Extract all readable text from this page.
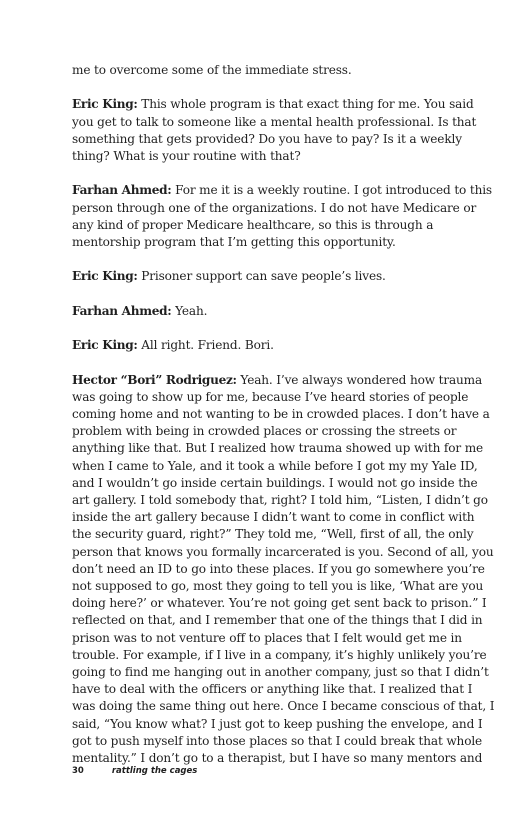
me to overcome some of the immediate stress.

Eric King: This whole program is that exact thing for me. You said you get to talk to someone like a mental health professional. Is that something that gets provided? Do you have to pay? Is it a weekly thing? What is your routine with that?

Farhan Ahmed: For me it is a weekly routine. I got introduced to this person through one of the organizations. I do not have Medicare or any kind of proper Medicare healthcare, so this is through a mentorship program that I’m getting this opportunity.

Eric King: Prisoner support can save people’s lives.

Farhan Ahmed: Yeah.

Eric King: All right. Friend. Bori.

Hector “Bori” Rodriguez: Yeah. I’ve always wondered how trauma was going to show up for me, because I’ve heard stories of people coming home and not wanting to be in crowded places. I don’t have a problem with being in crowded places or crossing the streets or anything like that. But I realized how trauma showed up with for me when I came to Yale, and it took a while before I got my my Yale ID, and I wouldn’t go inside certain buildings. I would not go inside the art gallery. I told somebody that, right? I told him, “Listen, I didn’t go inside the art gallery because I didn’t want to come in conflict with the security guard, right?” They told me, “Well, first of all, the only person that knows you formally incarcerated is you. Second of all, you don’t need an ID to go into these places. If you go somewhere you’re not supposed to go, most they going to tell you is like, ‘What are you doing here?’ or whatever. You’re not going get sent back to prison.” I reflected on that, and I remember that one of the things that I did in prison was to not venture off to places that I felt would get me in trouble. For example, if I live in a company, it’s highly unlikely you’re going to find me hanging out in another company, just so that I didn’t have to deal with the officers or anything like that. I realized that I was doing the same thing out here. Once I became conscious of that, I said, “You know what? I just got to keep pushing the envelope, and I got to push myself into those places so that I could break that whole mentality.” I don’t go to a therapist, but I have so many mentors and

30	rattling the cages
